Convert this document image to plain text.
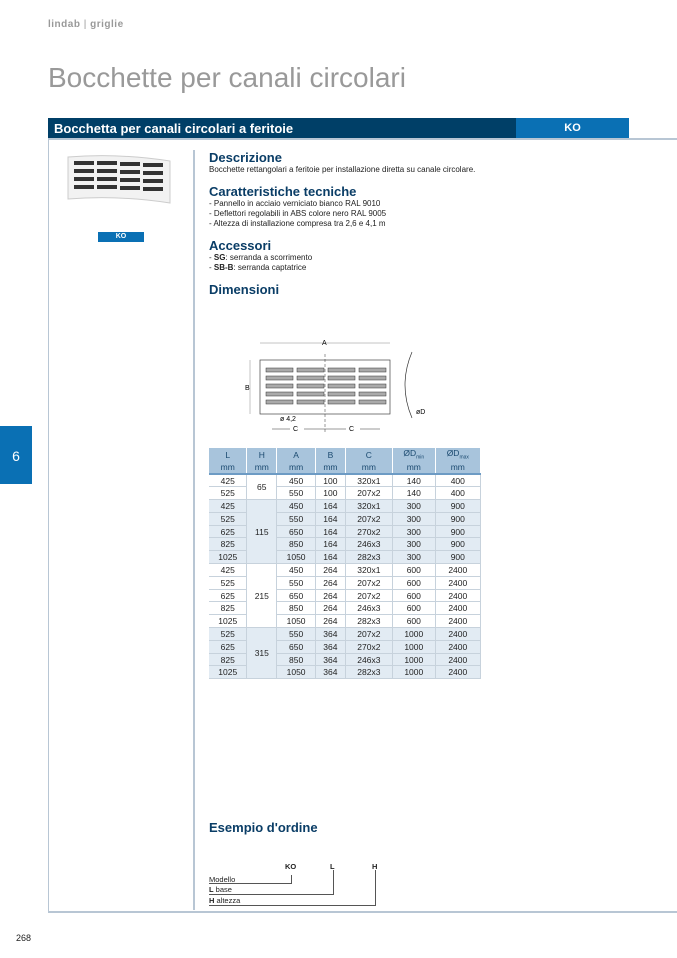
lindab | griglie
Bocchette per canali circolari
Bocchetta per canali circolari a feritoie	KO
KO
6
Descrizione
Bocchette rettangolari a feritoie per installazione diretta su canale circolare.
Caratteristiche tecniche
- Pannello in acciaio verniciato bianco RAL 9010
- Deflettori regolabili in ABS colore nero RAL 9005
- Altezza di installazione compresa tra 2,6 e 4,1 m
Accessori
- SG: serranda a scorrimento
- SB-B: serranda captatrice
Dimensioni
A
B
ø 4,2
C	C
øD
L	H	A	B	C	$ØD_{min}$	$ØD_{max}$
mm	mm	mm	mm	mm	mm	mm
425	65	450	100	320x1	140	400
525		550	100	207x2	140	400
425	115	450	164	320x1	300	900
525		550	164	207x2	300	900
625		650	164	270x2	300	900
825		850	164	246x3	300	900
1025		1050	164	282x3	300	900
425	215	450	264	320x1	600	2400
525		550	264	207x2	600	2400
625		650	264	207x2	600	2400
825		850	264	246x3	600	2400
1025		1050	264	282x3	600	2400
525	315	550	364	207x2	1000	2400
625		650	364	270x2	1000	2400
825		850	364	246x3	1000	2400
1025		1050	364	282x3	1000	2400
Esempio d'ordine
KO	L	H
Modello
L base
H altezza
268
